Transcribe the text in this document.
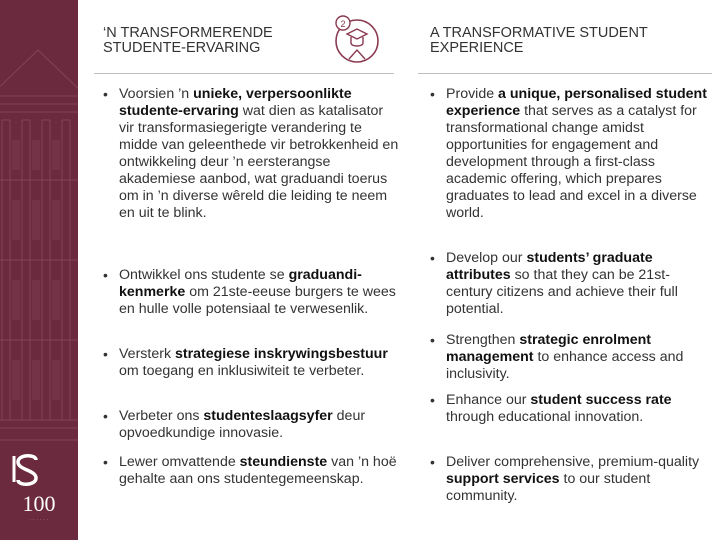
100
· · · · · ·
‘N TRANSFORMERENDE
STUDENTE-ERVARING
A TRANSFORMATIVE STUDENT
EXPERIENCE
2
• Voorsien ’n unieke, verpersoonlikte studente-ervaring wat dien as katalisator vir transformasiegerigte verandering te midde van geleenthede vir betrokkenheid en ontwikkeling deur ’n eersterangse akademiese aanbod, wat graduandi toerus om in ’n diverse wêreld die leiding te neem en uit te blink.
• Ontwikkel ons studente se graduandi-kenmerke om 21ste-eeuse burgers te wees en hulle volle potensiaal te verwesenlik.
• Versterk strategiese inskrywingsbestuur om toegang en inklusiwiteit te verbeter.
• Verbeter ons studenteslaagsyfer deur opvoedkundige innovasie.
• Lewer omvattende steundienste van ’n hoë gehalte aan ons studentegemeenskap.
• Provide a unique, personalised student experience that serves as a catalyst for transformational change amidst opportunities for engagement and development through a first-class academic offering, which prepares graduates to lead and excel in a diverse world.
• Develop our students’ graduate attributes so that they can be 21st-century citizens and achieve their full potential.
• Strengthen strategic enrolment management to enhance access and inclusivity.
• Enhance our student success rate through educational innovation.
• Deliver comprehensive, premium-quality support services to our student community.
